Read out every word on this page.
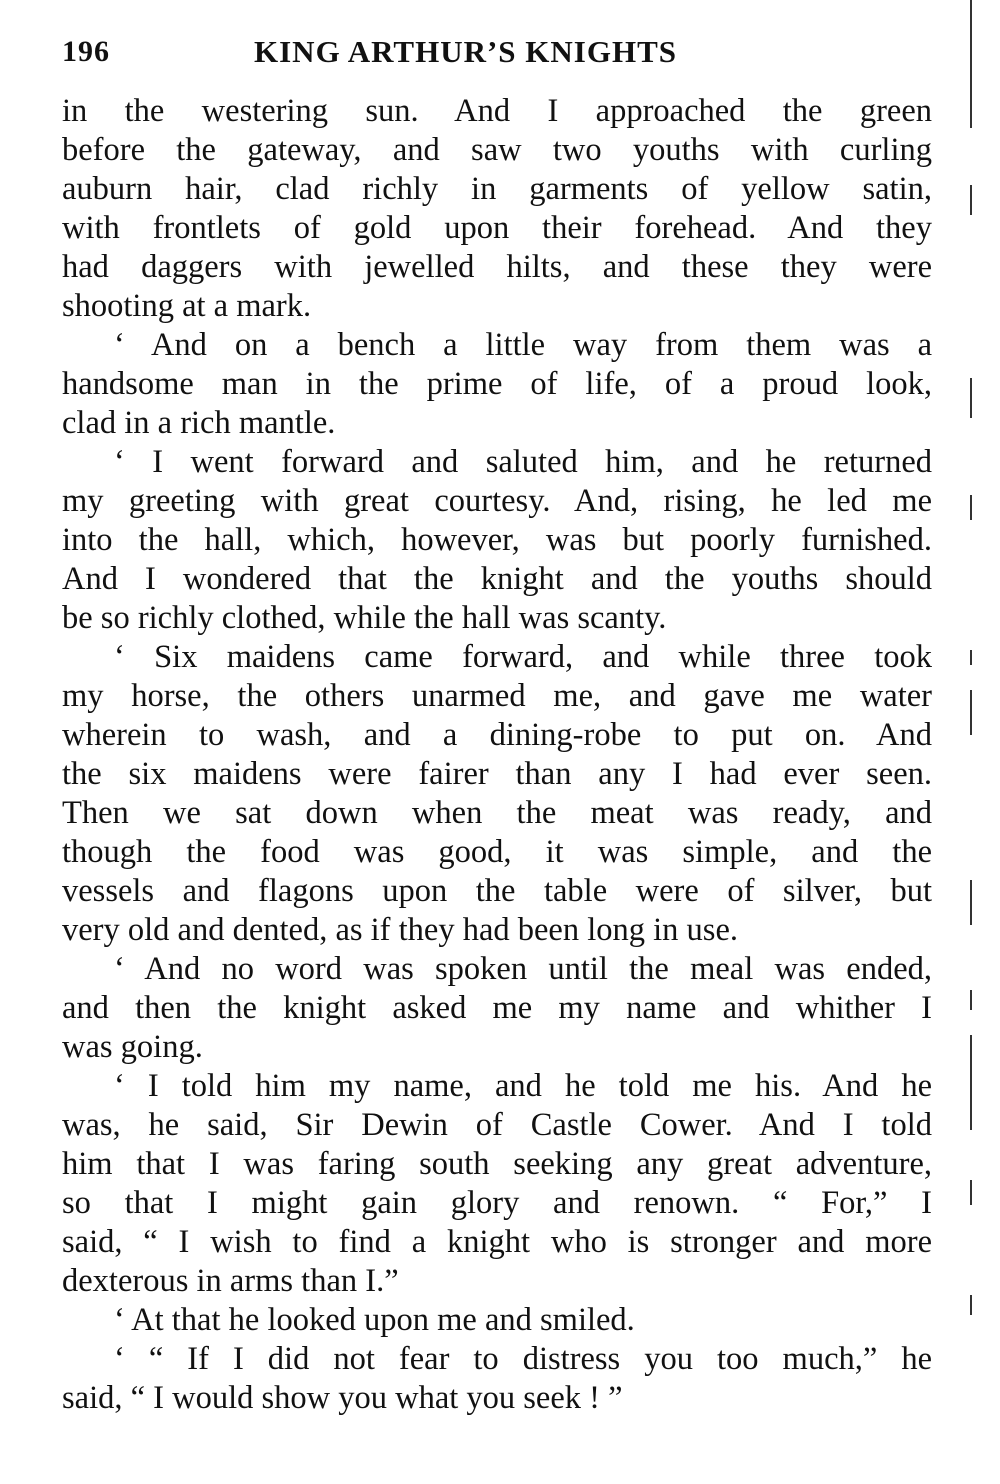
196	KING ARTHUR’S KNIGHTS
in the westering sun. And I approached the green
before the gateway, and saw two youths with curling
auburn hair, clad richly in garments of yellow satin,
with frontlets of gold upon their forehead. And they
had daggers with jewelled hilts, and these they were
shooting at a mark.
‘ And on a bench a little way from them was a
handsome man in the prime of life, of a proud look,
clad in a rich mantle.
‘ I went forward and saluted him, and he returned
my greeting with great courtesy. And, rising, he led me
into the hall, which, however, was but poorly furnished.
And I wondered that the knight and the youths should
be so richly clothed, while the hall was scanty.
‘ Six maidens came forward, and while three took
my horse, the others unarmed me, and gave me water
wherein to wash, and a dining-robe to put on. And
the six maidens were fairer than any I had ever seen.
Then we sat down when the meat was ready, and
though the food was good, it was simple, and the
vessels and flagons upon the table were of silver, but
very old and dented, as if they had been long in use.
‘ And no word was spoken until the meal was ended,
and then the knight asked me my name and whither I
was going.
‘ I told him my name, and he told me his. And he
was, he said, Sir Dewin of Castle Cower. And I told
him that I was faring south seeking any great adventure,
so that I might gain glory and renown. “ For,” I
said, “ I wish to find a knight who is stronger and more
dexterous in arms than I.”
‘ At that he looked upon me and smiled.
‘ “ If I did not fear to distress you too much,” he
said, “ I would show you what you seek ! ”
